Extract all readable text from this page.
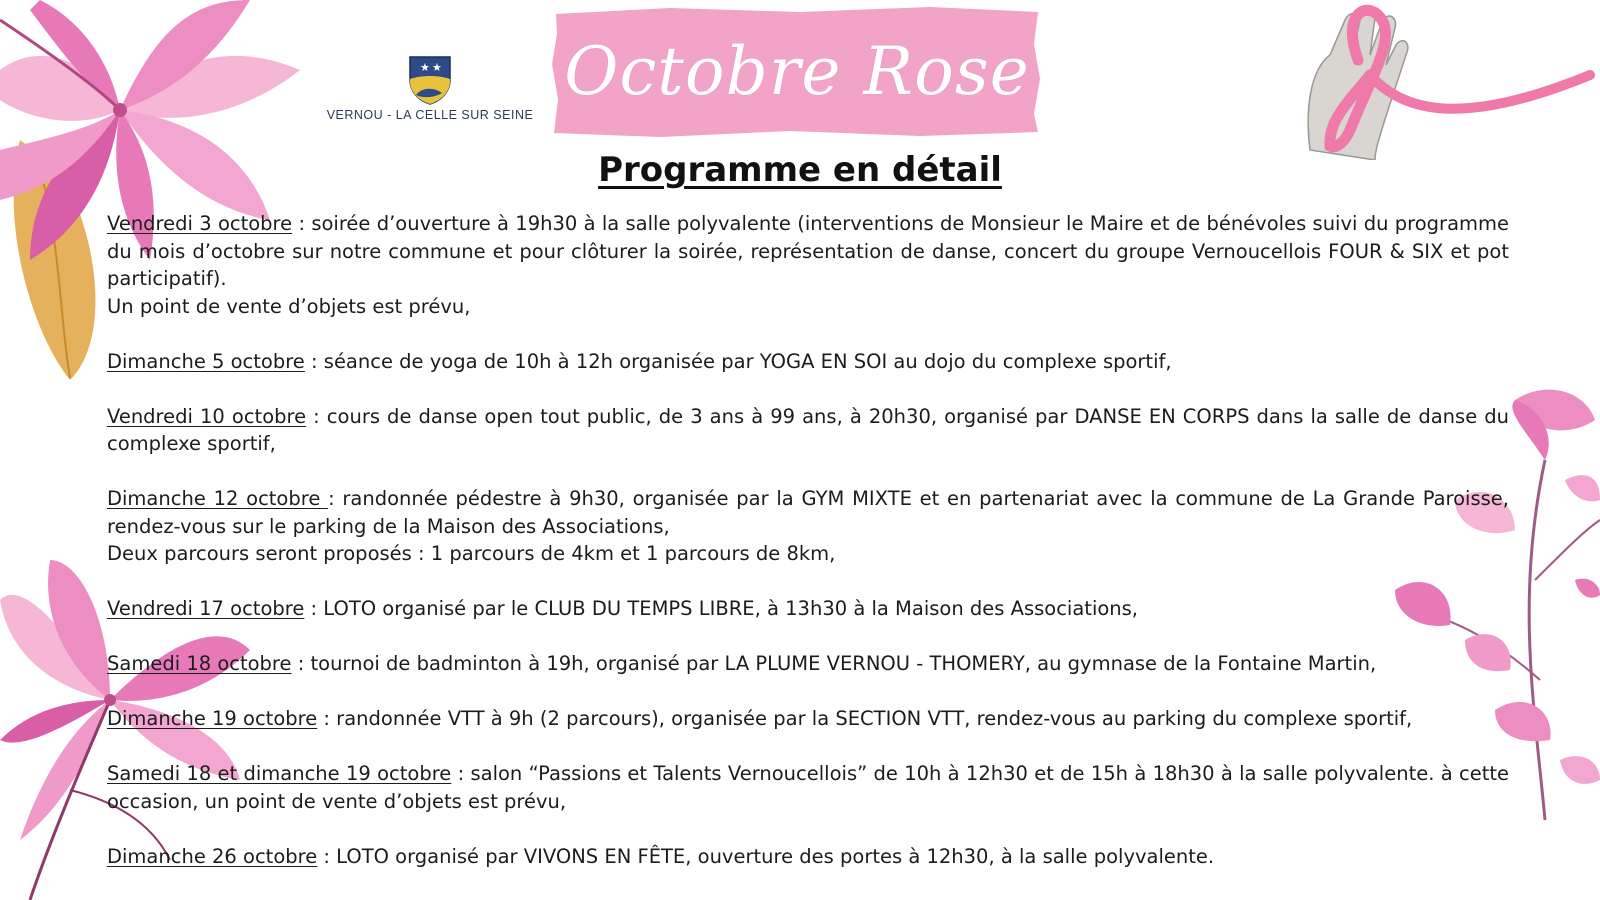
★ ★
VERNOU - LA CELLE SUR SEINE
Octobre Rose
Programme en détail

Vendredi 3 octobre : soirée d’ouverture à 19h30 à la salle polyvalente (interventions de Monsieur le Maire et de bénévoles suivi du programme du mois d’octobre sur notre commune et pour clôturer la soirée, représentation de danse, concert du groupe Vernoucellois FOUR & SIX et pot participatif).

Un point de vente d’objets est prévu,

Dimanche 5 octobre : séance de yoga de 10h à 12h organisée par YOGA EN SOI au dojo du complexe sportif,

Vendredi 10 octobre : cours de danse open tout public, de 3 ans à 99 ans, à 20h30, organisé par DANSE EN CORPS dans la salle de danse du complexe sportif,

Dimanche 12 octobre : randonnée pédestre à 9h30, organisée par la GYM MIXTE et en partenariat avec la commune de La Grande Paroisse, rendez-vous sur le parking de la Maison des Associations,

Deux parcours seront proposés : 1 parcours de 4km et 1 parcours de 8km,

Vendredi 17 octobre : LOTO organisé par le CLUB DU TEMPS LIBRE, à 13h30 à la Maison des Associations,

Samedi 18 octobre : tournoi de badminton à 19h, organisé par LA PLUME VERNOU - THOMERY, au gymnase de la Fontaine Martin,

Dimanche 19 octobre : randonnée VTT à 9h (2 parcours), organisée par la SECTION VTT, rendez-vous au parking du complexe sportif,

Samedi 18 et dimanche 19 octobre : salon “Passions et Talents Vernoucellois” de 10h à 12h30 et de 15h à 18h30 à la salle polyvalente. à cette occasion, un point de vente d’objets est prévu,

Dimanche 26 octobre : LOTO organisé par VIVONS EN FÊTE, ouverture des portes à 12h30, à la salle polyvalente.
